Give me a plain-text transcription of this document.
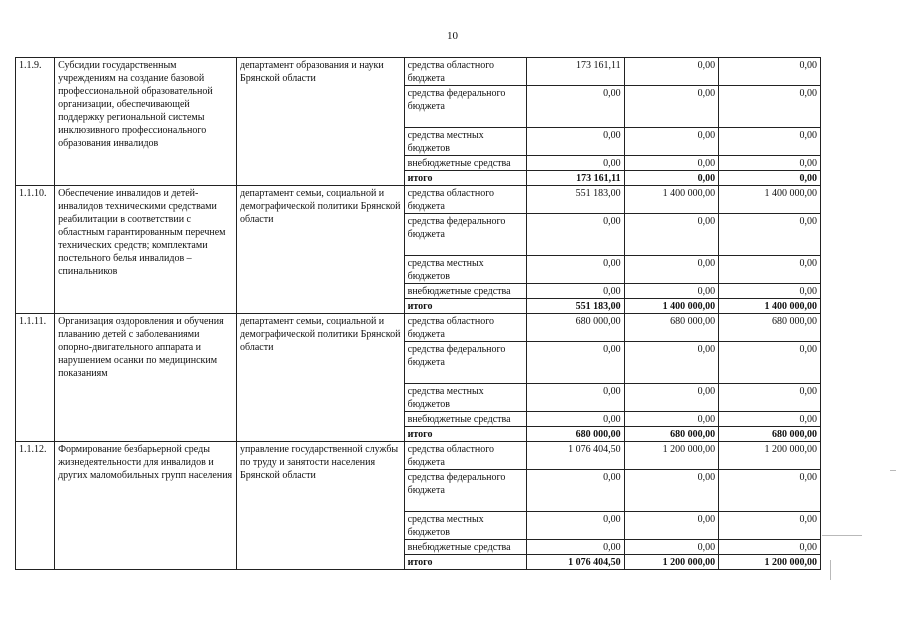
10
1.1.9.	Субсидии государственным учреждениям на создание базовой профессиональной образовательной организации, обеспечивающей поддержку региональной системы инклюзивного профессионального образования инвалидов	департамент образования и науки Брянской области	средства областного бюджета	173 161,11	0,00	0,00
			средства федерального бюджета	0,00	0,00	0,00
			средства местных бюджетов	0,00	0,00	0,00
			внебюджетные средства	0,00	0,00	0,00
			итого	173 161,11	0,00	0,00
1.1.10.	Обеспечение инвалидов и детей-инвалидов техническими средствами реабилитации в соответствии с областным гарантированным перечнем технических средств; комплектами постельного белья инвалидов – спинальников	департамент семьи, социальной и демографической политики Брянской области	средства областного бюджета	551 183,00	1 400 000,00	1 400 000,00
			средства федерального бюджета	0,00	0,00	0,00
			средства местных бюджетов	0,00	0,00	0,00
			внебюджетные средства	0,00	0,00	0,00
			итого	551 183,00	1 400 000,00	1 400 000,00
1.1.11.	Организация оздоровления и обучения плаванию детей с заболеваниями опорно-двигательного аппарата и нарушением осанки по медицинским показаниям	департамент семьи, социальной и демографической политики Брянской области	средства областного бюджета	680 000,00	680 000,00	680 000,00
			средства федерального бюджета	0,00	0,00	0,00
			средства местных бюджетов	0,00	0,00	0,00
			внебюджетные средства	0,00	0,00	0,00
			итого	680 000,00	680 000,00	680 000,00
1.1.12.	Формирование безбарьерной среды жизнедеятельности для инвалидов и других маломобильных групп населения	управление государственной службы по труду и занятости населения Брянской области	средства областного бюджета	1 076 404,50	1 200 000,00	1 200 000,00
			средства федерального бюджета	0,00	0,00	0,00
			средства местных бюджетов	0,00	0,00	0,00
			внебюджетные средства	0,00	0,00	0,00
			итого	1 076 404,50	1 200 000,00	1 200 000,00
